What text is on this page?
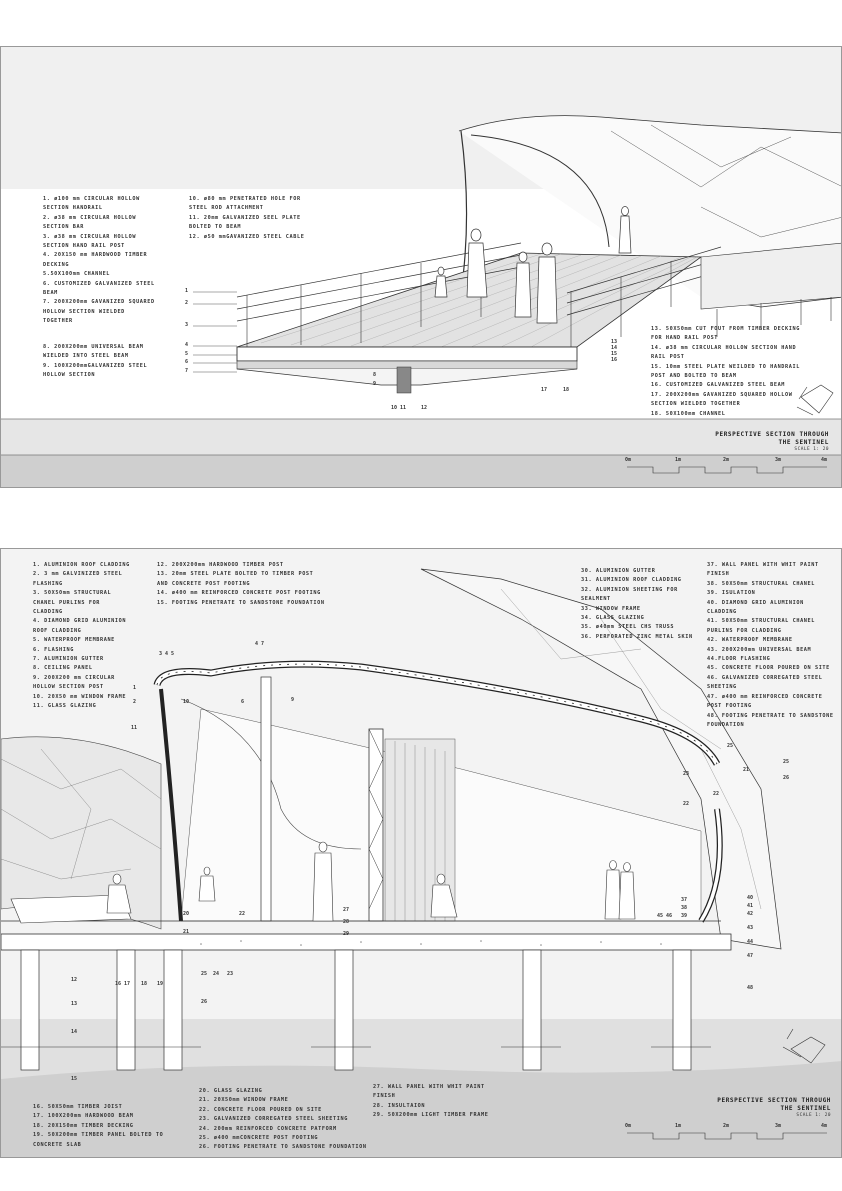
1. ø100 mm CIRCULAR HOLLOW SECTION HANDRAIL
2. ø38 mm CIRCULAR HOLLOW SECTION BAR
3. ø38 mm CIRCULAR HOLLOW SECTION HAND RAIL POST
4. 20X150 mm HARDWOOD TIMBER DECKING
5.50X100mm CHANNEL
6. CUSTOMIZED GALVANIZED STEEL BEAM
7. 200X200mm GAVANIZED SQUARED HOLLOW SECTION WIELDED TOGETHER
8. 200X200mm UNIVERSAL BEAM WIELDED INTO STEEL BEAM
9. 100X200mmGALVANIZED STEEL HOLLOW SECTION
10. ø80 mm PENETRATED HOLE FOR STEEL ROD ATTACHMENT
11. 20mm GALVANIZED SEEL PLATE BOLTED TO BEAM
12. ø50 mmGAVANIZED STEEL CABLE
13. 50X50mm CUT FOUT FROM TIMBER DECKING FOR HAND RAIL POST
14. ø38 mm CIRCULAR HOLLOW SECTION HAND RAIL POST
15. 10mm STEEL PLATE WEILDED TO HANDRAIL POST AND BOLTED TO BEAM
16. CUSTOMIZED GALVANIZED STEEL BEAM
17. 200X200mm GAVANIZED SQUARED HOLLOW SECTION WIELDED TOGETHER
18. 50X100mm CHANNEL
1
2
3
4
5
6
7
8
9
10 11	12
13
14
15
16
17	18
PERSPECTIVE SECTION THROUGH THE SENTINEL
SCALE 1: 20
0m	1m	2m	3m	4m
1. ALUMINION ROOF CLADDING
2. 3 mm GALVINIZED STEEL FLASHING
3. 50X50mm STRUCTURAL CHANEL PURLINS FOR CLADDING
4. DIAMOND GRID ALUMINION ROOF CLADDING
5. WATERPROOF MEMBRANE
6. FLASHING
7. ALUMINION GUTTER
8. CEILING PANEL
9. 200X200 mm CIRCULAR HOLLOW SECTION POST
10. 20X50 mm WINDOW FRAME
11. GLASS GLAZING
12. 200X200mm HARDWOOD TIMBER POST
13. 20mm STEEL PLATE BOLTED TO TIMBER POST AND CONCRETE POST FOOTING
14. ø400 mm REINFORCED CONCRETE POST FOOTING
15. FOOTING PENETRATE TO SANDSTONE FOUNDATION
30. ALUMINION GUTTER
31. ALUMINION ROOF CLADDING
32. ALUMINION SHEETING FOR SEALMENT
33. WINDOW FRAME
34. GLASS GLAZING
35. ø40mm STEEL CHS TRUSS
36. PERFORATED ZINC METAL SKIN
37. WALL PANEL WITH WHIT PAINT FINISH
38. 50X50mm STRUCTURAL CHANEL
39. ISULATION
40. DIAMOND GRID ALUMINION CLADDING
41. 50X50mm STRUCTURAL CHANEL PURLINS FOR CLADDING
42. WATERPROOF MEMBRANE
43. 200X200mm UNIVERSAL BEAM
44.FLOOR FLASHING
45. CONCRETE FLOOR POURED ON SITE
46. GALVANIZED CORREGATED STEEL SHEETING
47. ø400 mm REINFORCED CONCRETE POST FOOTING
48. FOOTING PENETRATE TO SANDSTONE FOUNDATION
16. 50X50mm TIMBER JOIST
17. 100X200mm HARDWOOD BEAM
18. 20X150mm TIMBER DECKING
19. 50X200mm TIMBER PANEL BOLTED TO CONCRETE SLAB
20. GLASS GLAZING
21. 20X50mm WINDOW FRAME
22. CONCRETE FLOOR POURED ON SITE
23. GALVANIZED CORREGATED STEEL SHEETING
24. 200mm REINFORCED CONCRETE PATFORM
25. ø400 mmCONCRETE POST FOOTING
26. FOOTING PENETRATE TO SANDSTONE FOUNDATION
27. WALL PANEL WITH WHIT PAINT FINISH
28. INSULTAION
29. 50X200mm LIGHT TIMBER FRAME
1
2
3 4 5
4 7
6	9
10
11
12
13
14
15
16 17 18 19
25 24 23
26
20
21
22
27
28
29
25
25
26
21
22
23
22
37
38
39
40
41
42
43
44
45 46
47
48
PERSPECTIVE SECTION THROUGH THE SENTINEL
SCALE 1: 20
0m	1m	2m	3m	4m
